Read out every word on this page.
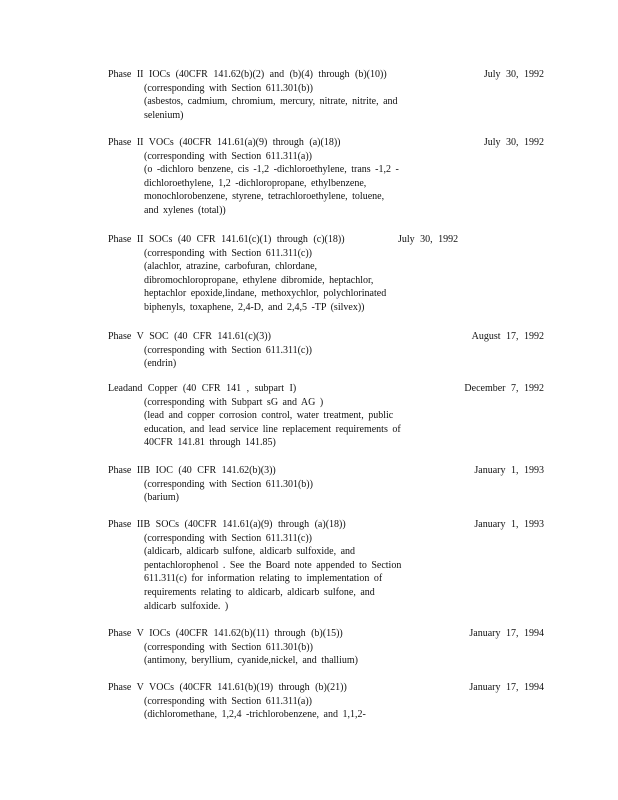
Phase II IOCs (40CFR 141.62(b)(2) and (b)(4) through (b)(10))	July 30, 1992
(corresponding with Section 611.301(b))
(asbestos, cadmium, chromium, mercury, nitrate, nitrite, and
selenium)
Phase II VOCs (40CFR 141.61(a)(9) through (a)(18))	July 30, 1992
(corresponding with Section 611.311(a))
(o -dichloro benzene, cis -1,2 -dichloroethylene, trans -1,2 -
dichloroethylene, 1,2 -dichloropropane, ethylbenzene,
monochlorobenzene, styrene, tetrachloroethylene, toluene,
and xylenes (total))
Phase II SOCs (40 CFR 141.61(c)(1) through (c)(18))	July 30, 1992
(corresponding with Section 611.311(c))
(alachlor, atrazine, carbofuran, chlordane,
dibromochloropropane, ethylene dibromide, heptachlor,
heptachlor epoxide,lindane, methoxychlor, polychlorinated
biphenyls, toxaphene, 2,4-D, and 2,4,5 -TP (silvex))
Phase V SOC (40 CFR 141.61(c)(3))	August 17, 1992
(corresponding with Section 611.311(c))
(endrin)
Leadand Copper (40 CFR 141 , subpart I)	December 7, 1992
(corresponding with Subpart sG and AG )
(lead and copper corrosion control, water treatment, public
education, and lead service line replacement requirements of
40CFR 141.81 through 141.85)
Phase IIB IOC (40 CFR 141.62(b)(3))	January 1, 1993
(corresponding with Section 611.301(b))
(barium)
Phase IIB SOCs (40CFR 141.61(a)(9) through (a)(18))	January 1, 1993
(corresponding with Section 611.311(c))
(aldicarb, aldicarb sulfone, aldicarb sulfoxide, and
pentachlorophenol . See the Board note appended to Section
611.311(c) for information relating to implementation of
requirements relating to aldicarb, aldicarb sulfone, and
aldicarb sulfoxide. )
Phase V IOCs (40CFR 141.62(b)(11) through (b)(15))	January 17, 1994
(corresponding with Section 611.301(b))
(antimony, beryllium, cyanide,nickel, and thallium)
Phase V VOCs (40CFR 141.61(b)(19) through (b)(21))	January 17, 1994
(corresponding with Section 611.311(a))
(dichloromethane, 1,2,4 -trichlorobenzene, and 1,1,2-
